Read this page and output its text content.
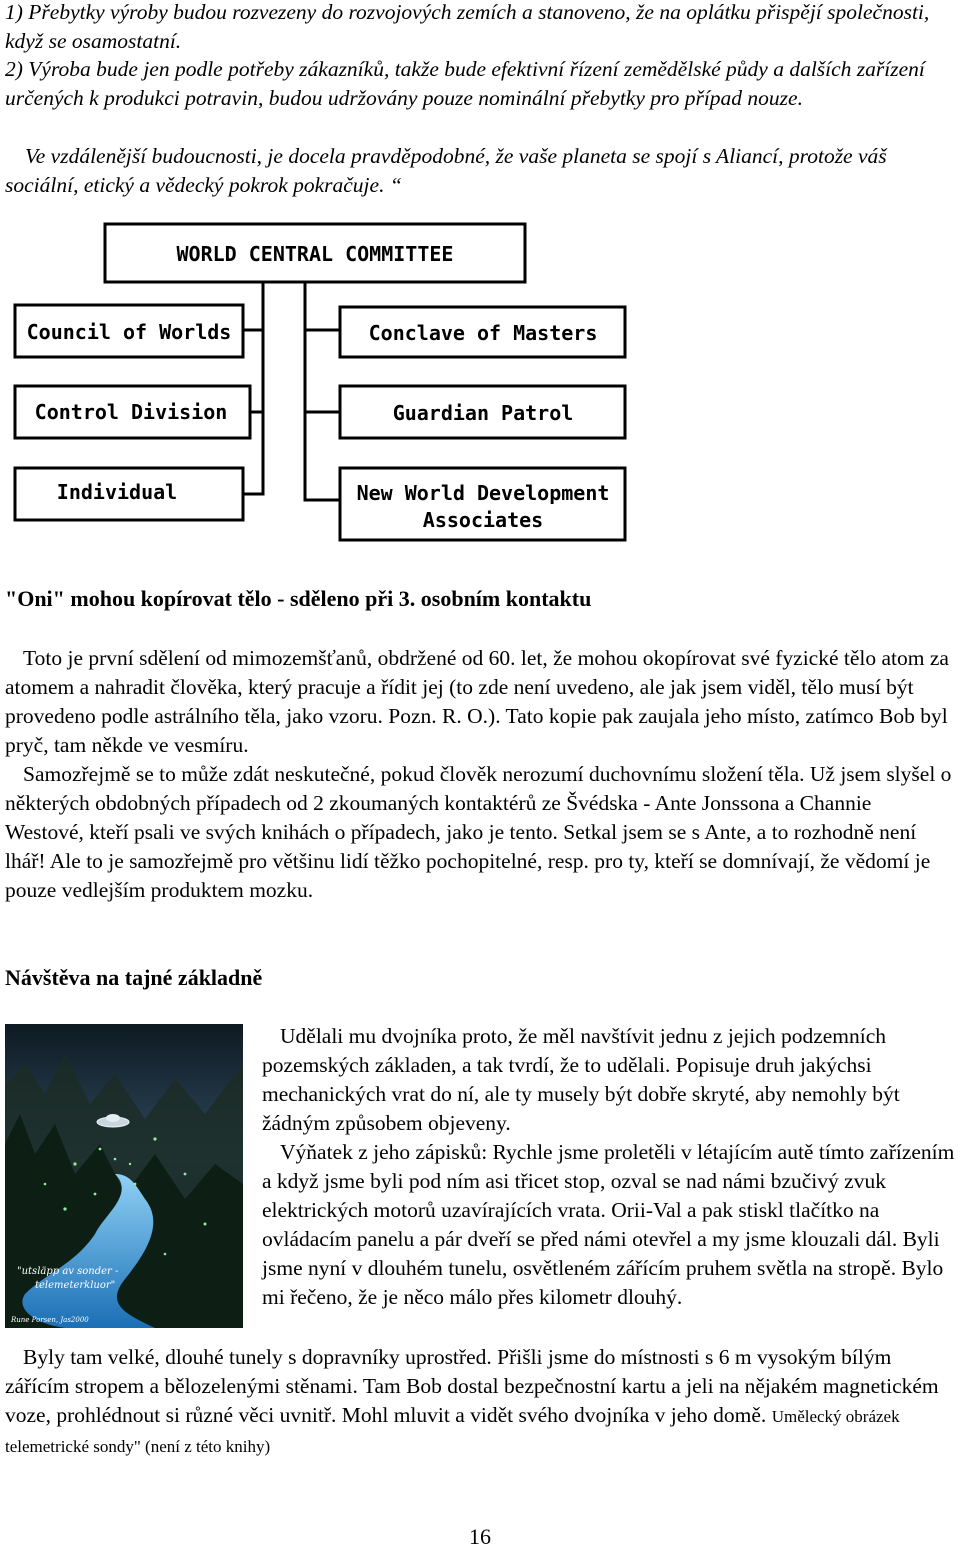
1) Přebytky výroby budou rozvezeny do rozvojových zemích a stanoveno, že na oplátku přispějí společnosti, když se osamostatní.

2) Výroba bude jen podle potřeby zákazníků, takže bude efektivní řízení zemědělské půdy a dalších zařízení určených k produkci potravin, budou udržovány pouze nominální přebytky pro případ nouze.

Ve vzdálenější budoucnosti, je docela pravděpodobné, že vaše planeta se spojí s Aliancí, protože váš sociální, etický a vědecký pokrok pokračuje. “

WORLD CENTRAL COMMITTEE
Council of Worlds
Control Division
Individual
Conclave of Masters
Guardian Patrol
New World Development
Associates

"Oni" mohou kopírovat tělo - sděleno při 3. osobním kontaktu

Toto je první sdělení od mimozemšťanů, obdržené od 60. let, že mohou okopírovat své fyzické tělo atom za atomem a nahradit člověka, který pracuje a řídit jej (to zde není uvedeno, ale jak jsem viděl, tělo musí být provedeno podle astrálního těla, jako vzoru. Pozn. R. O.). Tato kopie pak zaujala jeho místo, zatímco Bob byl pryč, tam někde ve vesmíru.

Samozřejmě se to může zdát neskutečné, pokud člověk nerozumí duchovnímu složení těla. Už jsem slyšel o některých obdobných případech od 2 zkoumaných kontaktérů ze Švédska - Ante Jonssona a Channie Westové, kteří psali ve svých knihách o případech, jako je tento. Setkal jsem se s Ante, a to rozhodně není lhář! Ale to je samozřejmě pro většinu lidí těžko pochopitelné, resp. pro ty, kteří se domnívají, že vědomí je pouze vedlejším produktem mozku.

Návštěva na tajné základně

"utsläpp av sonder -
telemeterkluor"
Rune Porsen, Jas2000

Udělali mu dvojníka proto, že měl navštívit jednu z jejich podzemních pozemských základen, a tak tvrdí, že to udělali. Popisuje druh jakýchsi mechanických vrat do ní, ale ty musely být dobře skryté, aby nemohly být žádným způsobem objeveny.

Výňatek z jeho zápisků: Rychle jsme proletěli v létajícím autě tímto zařízením a když jsme byli pod ním asi třicet stop, ozval se nad námi bzučivý zvuk elektrických motorů uzavírajících vrata. Orii-Val a pak stiskl tlačítko na ovládacím panelu a pár dveří se před námi otevřel a my jsme klouzali dál. Byli jsme nyní v dlouhém tunelu, osvětleném zářícím pruhem světla na stropě. Bylo mi řečeno, že je něco málo přes kilometr dlouhý.

Byly tam velké, dlouhé tunely s dopravníky uprostřed. Přišli jsme do místnosti s 6 m vysokým bílým zářícím stropem a bělozelenými stěnami. Tam Bob dostal bezpečnostní kartu a jeli na nějakém magnetickém voze, prohlédnout si různé věci uvnitř. Mohl mluvit a vidět svého dvojníka v jeho domě. Umělecký obrázek telemetrické sondy" (není z této knihy)

16
